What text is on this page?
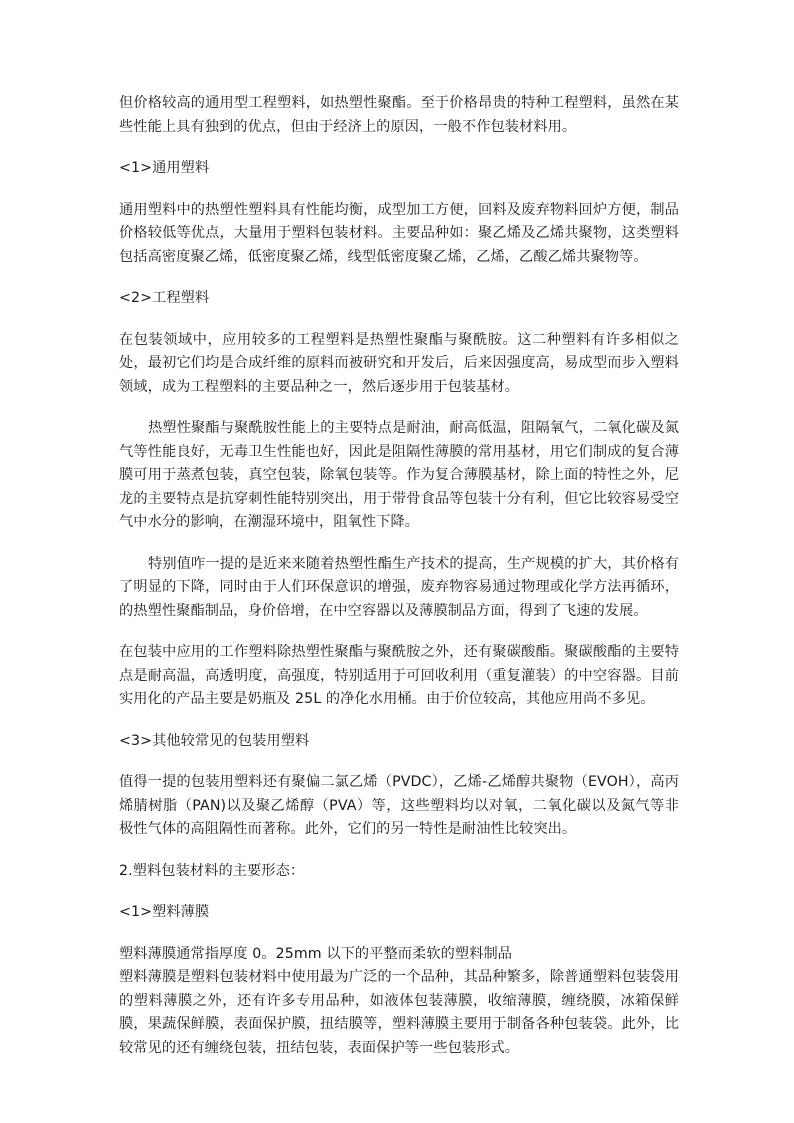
但价格较高的通用型工程塑料，如热塑性聚酯。至于价格昂贵的特种工程塑料，虽然在某些性能上具有独到的优点，但由于经济上的原因，一般不作包装材料用。

<1>通用塑料

通用塑料中的热塑性塑料具有性能均衡，成型加工方便，回料及废弃物料回炉方便，制品价格较低等优点，大量用于塑料包装材料。主要品种如：聚乙烯及乙烯共聚物，这类塑料包括高密度聚乙烯，低密度聚乙烯，线型低密度聚乙烯，乙烯，乙酸乙烯共聚物等。

<2>工程塑料

在包装领域中，应用较多的工程塑料是热塑性聚酯与聚酰胺。这二种塑料有许多相似之处，最初它们均是合成纤维的原料而被研究和开发后，后来因强度高，易成型而步入塑料领域，成为工程塑料的主要品种之一，然后逐步用于包装基材。

热塑性聚酯与聚酰胺性能上的主要特点是耐油，耐高低温，阻隔氧气，二氧化碳及氮气等性能良好，无毒卫生性能也好，因此是阻隔性薄膜的常用基材，用它们制成的复合薄膜可用于蒸煮包装，真空包装，除氧包装等。作为复合薄膜基材，除上面的特性之外，尼龙的主要特点是抗穿刺性能特别突出，用于带骨食品等包装十分有利，但它比较容易受空气中水分的影响，在潮湿环境中，阻氧性下降。

特别值咋一提的是近来来随着热塑性酯生产技术的提高，生产规模的扩大，其价格有了明显的下降，同时由于人们环保意识的增强，废弃物容易通过物理或化学方法再循环，的热塑性聚酯制品，身价倍增，在中空容器以及薄膜制品方面，得到了飞速的发展。

在包装中应用的工作塑料除热塑性聚酯与聚酰胺之外，还有聚碳酸酯。聚碳酸酯的主要特点是耐高温，高透明度，高强度，特别适用于可回收利用（重复灌装）的中空容器。目前实用化的产品主要是奶瓶及 25L 的净化水用桶。由于价位较高，其他应用尚不多见。

<3>其他较常见的包装用塑料

值得一提的包装用塑料还有聚偏二氯乙烯（PVDC），乙烯-乙烯醇共聚物（EVOH），高丙烯腈树脂（PAN)以及聚乙烯醇（PVA）等，这些塑料均以对氧，二氧化碳以及氮气等非极性气体的高阻隔性而著称。此外，它们的另一特性是耐油性比较突出。

2.塑料包装材料的主要形态：

<1>塑料薄膜

塑料薄膜通常指厚度 0。25mm 以下的平整而柔软的塑料制品

塑料薄膜是塑料包装材料中使用最为广泛的一个品种，其品种繁多，除普通塑料包装袋用的塑料薄膜之外，还有许多专用品种，如液体包装薄膜，收缩薄膜，缠绕膜，冰箱保鲜膜，果蔬保鲜膜，表面保护膜，扭结膜等，塑料薄膜主要用于制备各种包装袋。此外，比较常见的还有缠绕包装，扭结包装，表面保护等一些包装形式。
